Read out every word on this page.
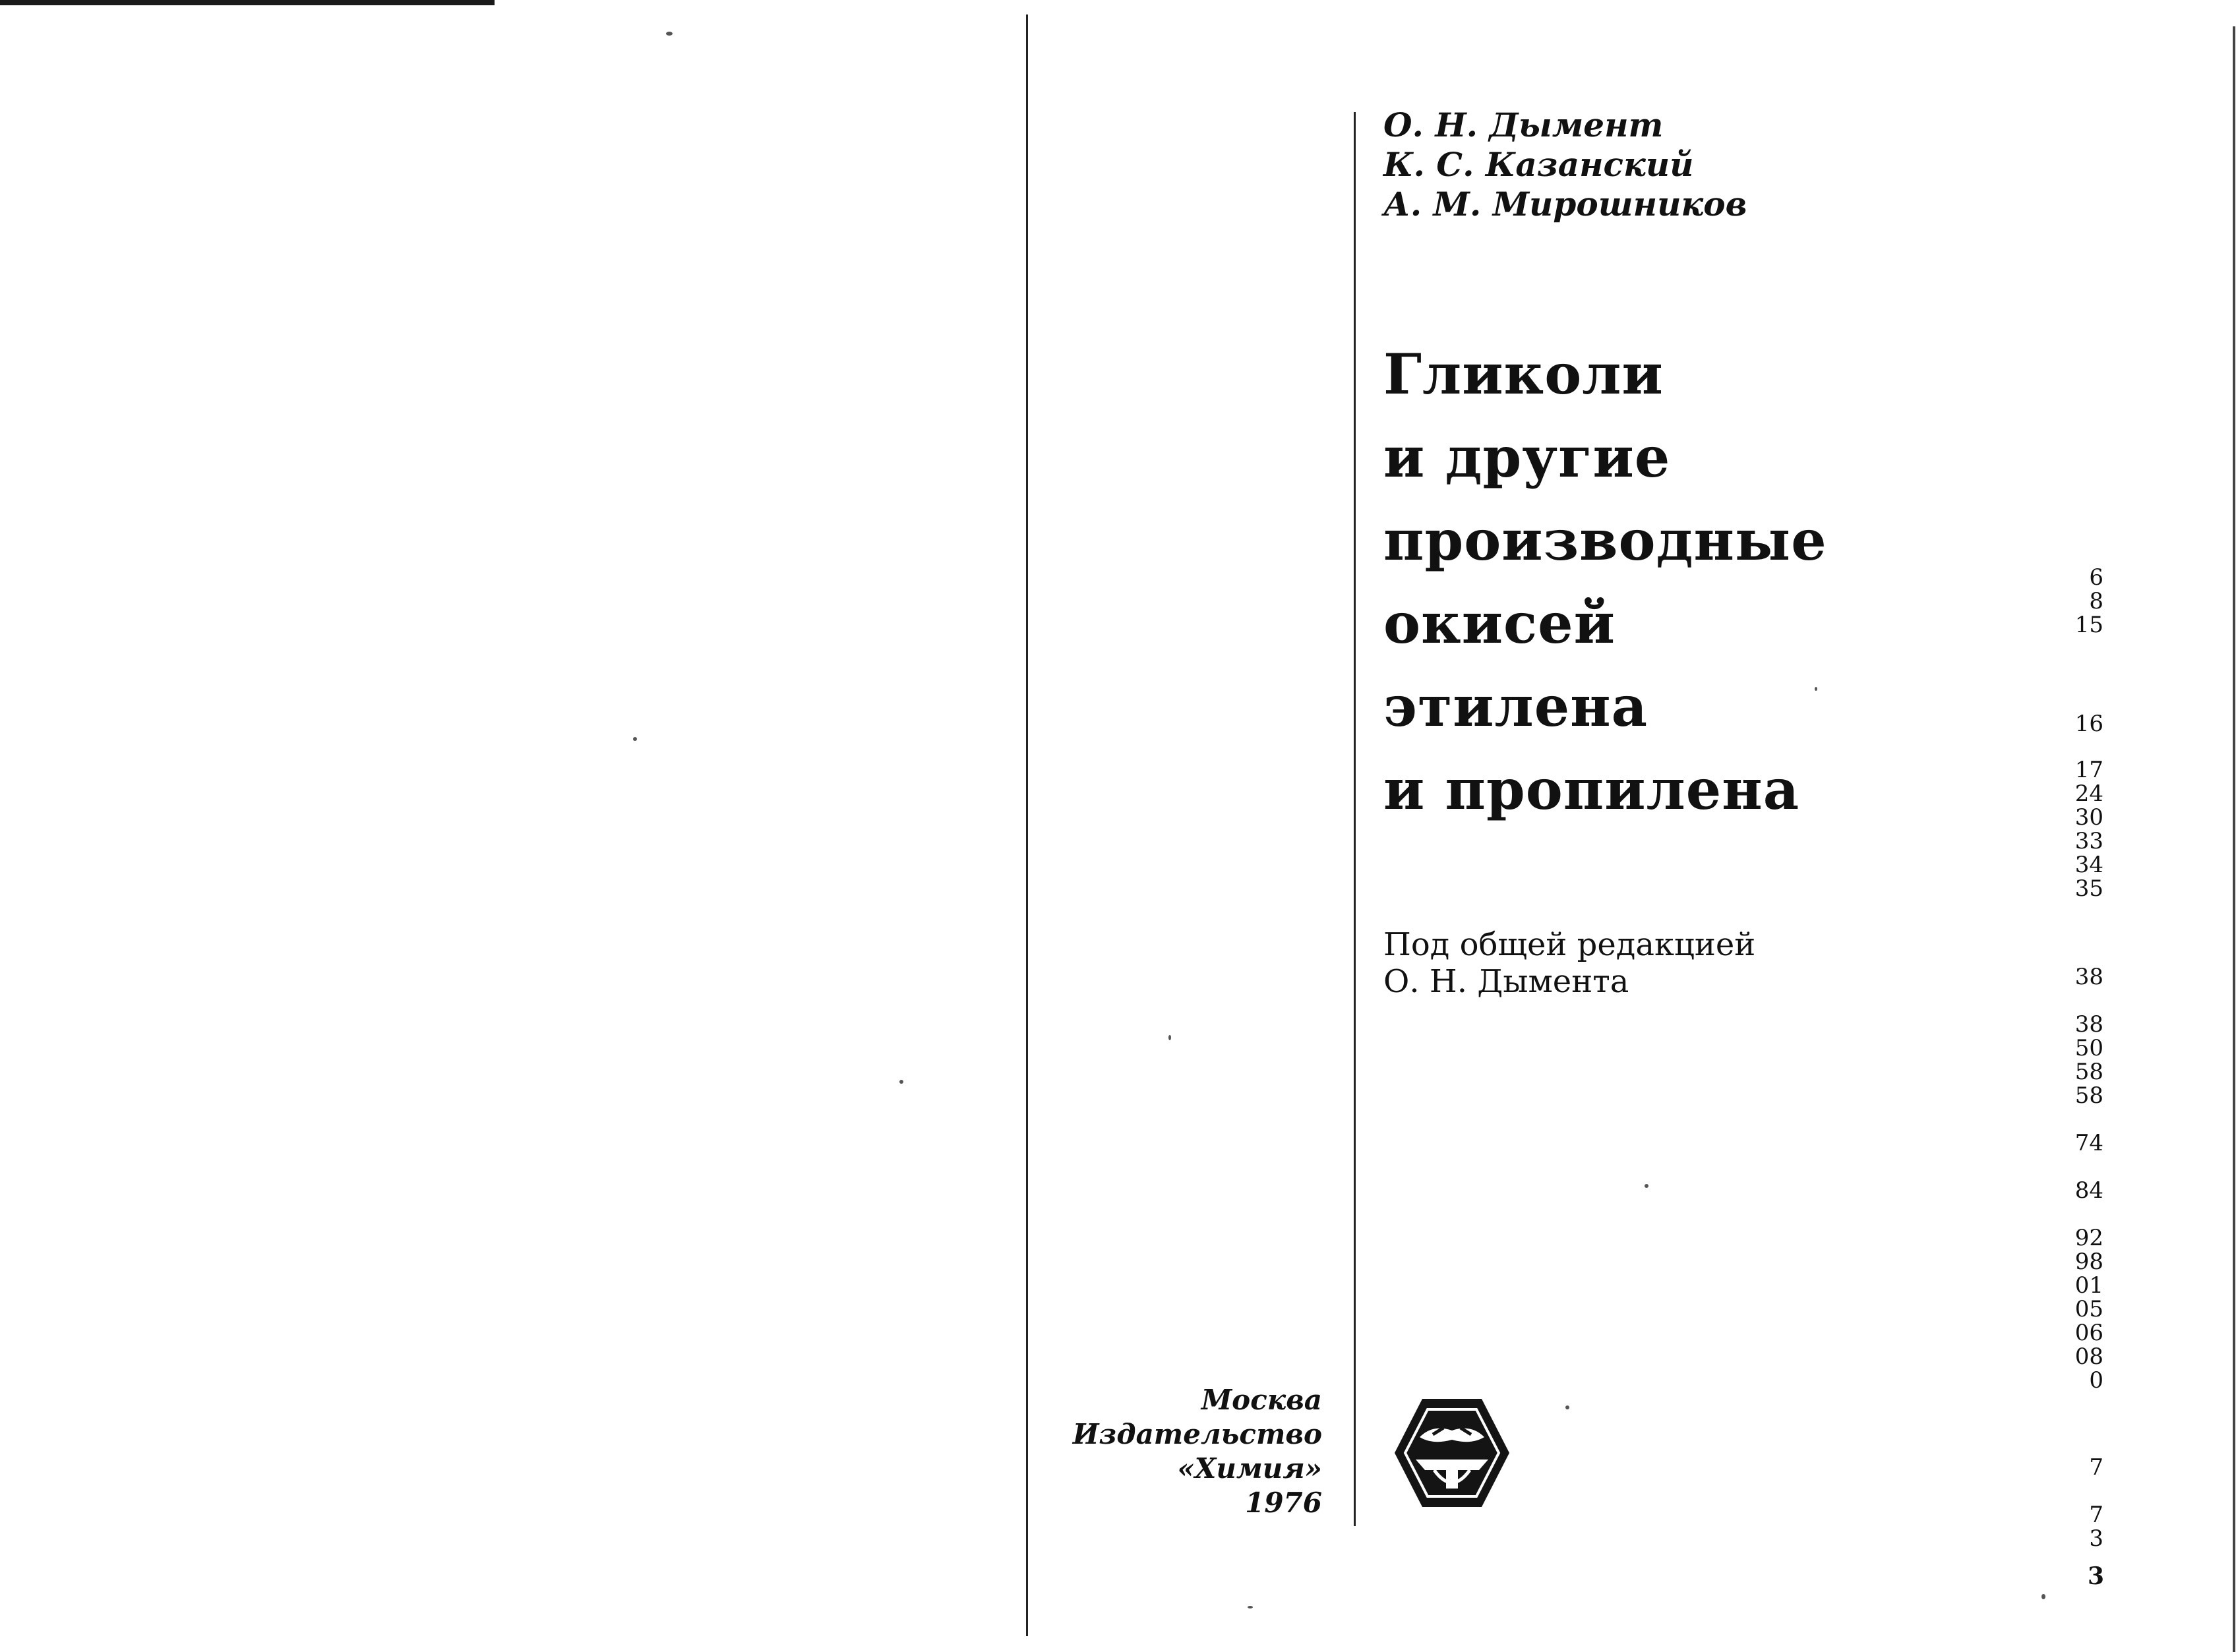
О. Н. Дымент
К. С. Казанский
А. М. Мирошников
Гликоли
и другие
производные
окисей
этилена
и пропилена
Под общей редакцией
О. Н. Дымента
Москва
Издательство
«Химия»
1976
6
8
15
16
17
24
30
33
34
35
38
38
50
58
58
74
84
92
98
01
05
06
08
0
7
7
3
3
